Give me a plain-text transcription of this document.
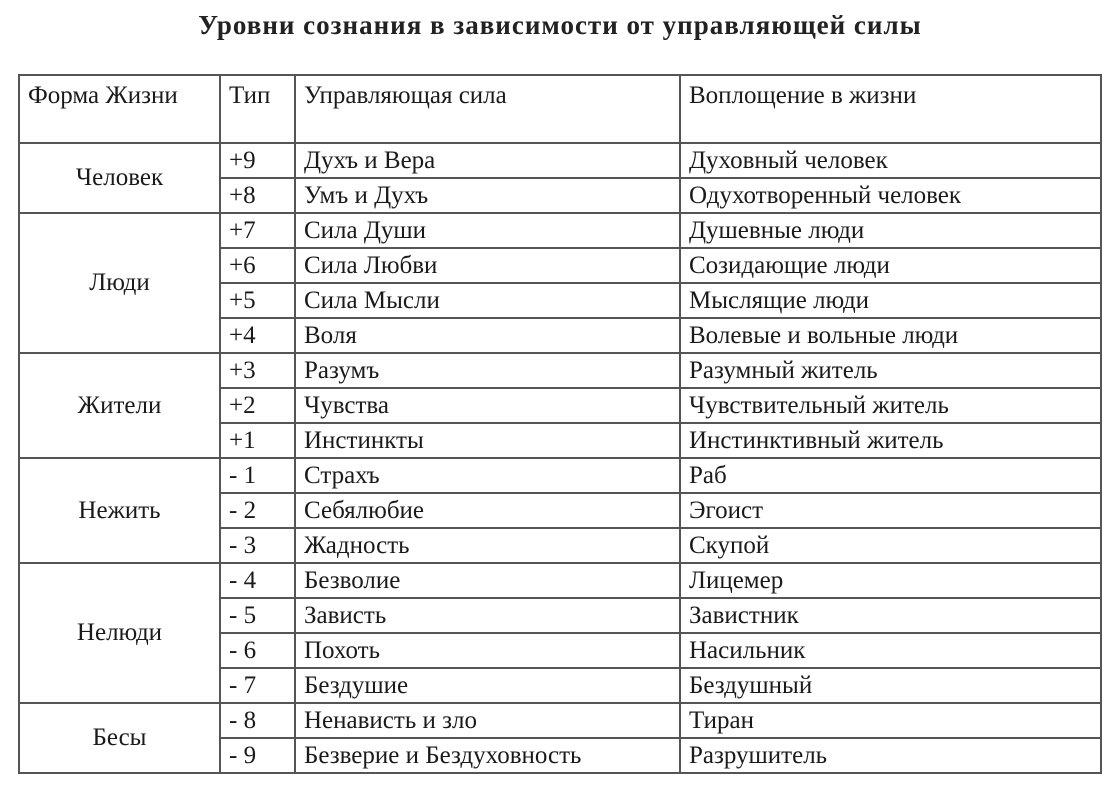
Уровни сознания в зависимости от управляющей силы
Форма Жизни	Тип	Управляющая сила	Воплощение в жизни
Человек	+9	Духъ и Вера	Духовный человек
	+8	Умъ и Духъ	Одухотворенный человек
Люди	+7	Сила Души	Душевные люди
	+6	Сила Любви	Созидающие люди
	+5	Сила Мысли	Мыслящие люди
	+4	Воля	Волевые и вольные люди
Жители	+3	Разумъ	Разумный житель
	+2	Чувства	Чувствительный житель
	+1	Инстинкты	Инстинктивный житель
Нежить	- 1	Страхъ	Раб
	- 2	Себялюбие	Эгоист
	- 3	Жадность	Скупой
Нелюди	- 4	Безволие	Лицемер
	- 5	Зависть	Завистник
	- 6	Похоть	Насильник
	- 7	Бездушие	Бездушный
Бесы	- 8	Ненависть и зло	Тиран
	- 9	Безверие и Бездуховность	Разрушитель
